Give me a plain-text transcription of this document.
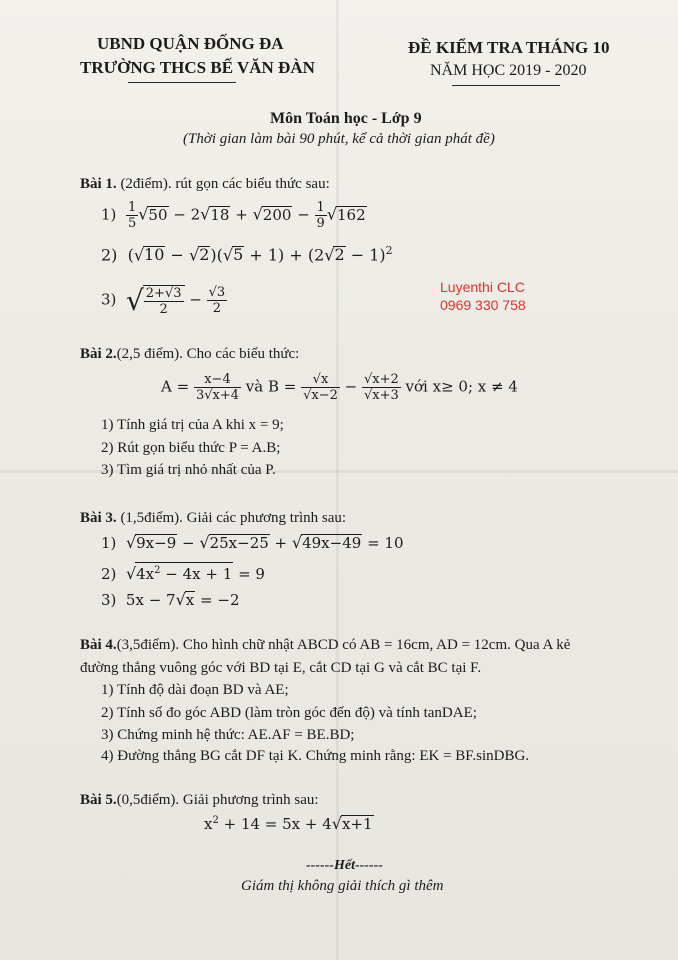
UBND QUẬN ĐỐNG ĐA
TRƯỜNG THCS BẾ VĂN ĐÀN
ĐỀ KIỂM TRA THÁNG 10
NĂM HỌC 2019 - 2020
Môn Toán học - Lớp 9
(Thời gian làm bài 90 phút, kể cả thời gian phát đề)
Bài 1. (2điểm). rút gọn các biểu thức sau:
$1) \frac{1}{5} √50 - 2√18 + √200 - \frac{1}{9} √162$
2)  $(√10 - √2)(√5 + 1) + (2√2 - 1)^2$
3)  √ $\frac{2+√3}{2} - \frac{√3}{2}$	Luyenthi CLC
0969 330 758
Bài 2.(2,5 điểm). Cho các biểu thức:
$A = \frac{x-4}{3√x+4}$ và $B = \frac{√x}{√x-2} - \frac{√x+2}{√x+3}$ với x≥ 0; x ≠ 4
1) Tính giá trị của A khi x = 9;
2) Rút gọn biểu thức P = A.B;
3) Tìm giá trị nhỏ nhất của P.
Bài 3. (1,5điểm). Giải các phương trình sau:
1)  √9x−9 − √25x−25 + √49x−49 = 10
2)  $√4x^2 - 4x + 1 = 9$
3)  5x − 7√x = −2
Bài 4.(3,5điểm). Cho hình chữ nhật ABCD có AB = 16cm, AD = 12cm. Qua A kẻ
đường thẳng vuông góc với BD tại E, cắt CD tại G và cắt BC tại F.
1) Tính độ dài đoạn BD và AE;
2) Tính số đo góc ABD (làm tròn góc đến độ) và tính tanDAE;
3) Chứng minh hệ thức: AE.AF = BE.BD;
4) Đường thẳng BG cắt DF tại K. Chứng minh rằng: EK = BF.sinDBG.
Bài 5.(0,5điểm). Giải phương trình sau:
$x^2 + 14 = 5x + 4√x+1$
------Hết------
Giám thị không giải thích gì thêm
